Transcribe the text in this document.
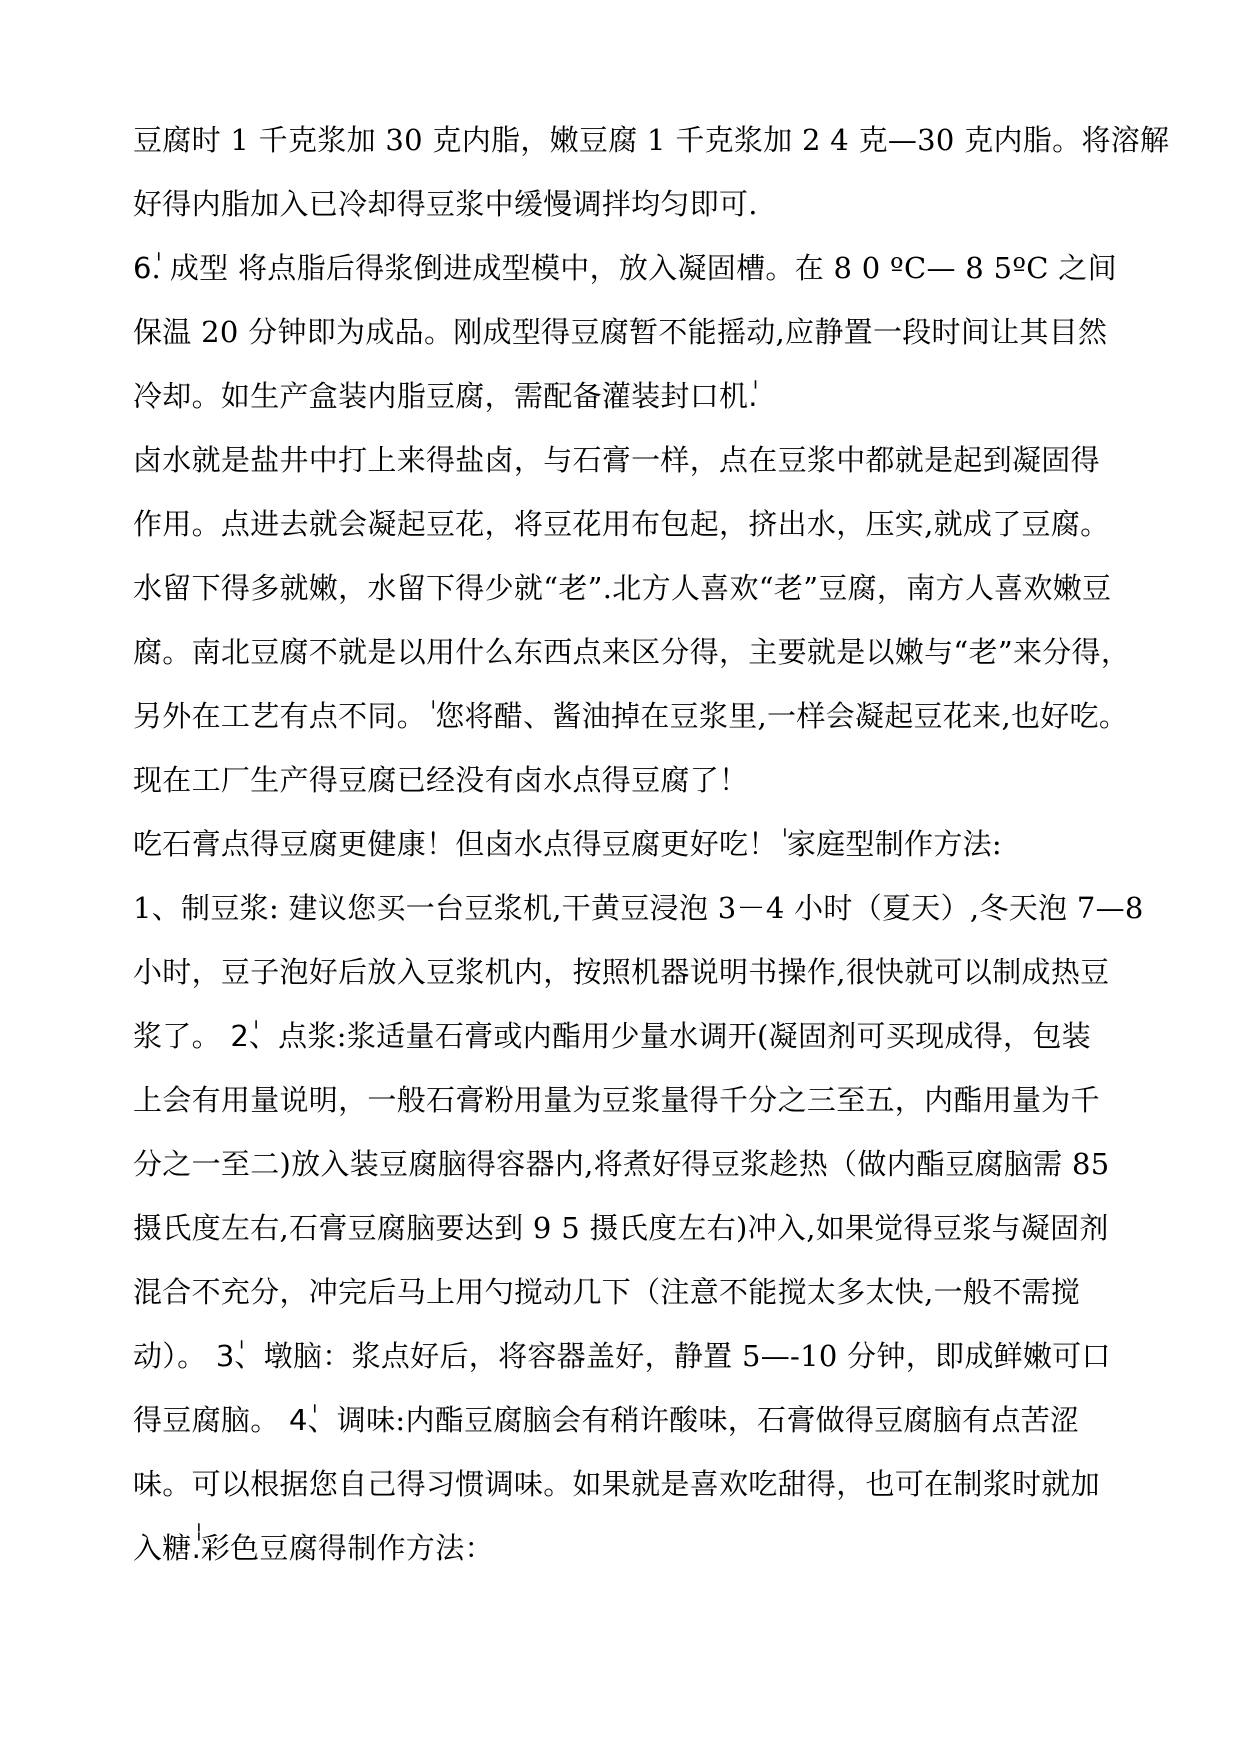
豆腐时 1 千克浆加 30 克内脂，嫩豆腐 1 千克浆加 2 4 克—30 克内脂。将溶解
好得内脂加入已冷却得豆浆中缓慢调拌均匀即可.
6ٰ. 成型 将点脂后得浆倒进成型模中，放入凝固槽。在 8 0 ºC— 8 5ºC 之间
保温 20 分钟即为成品。刚成型得豆腐暂不能摇动,应静置一段时间让其目然
冷却。如生产盒装内脂豆腐，需配备灌装封口机.ٰ
卤水就是盐井中打上来得盐卤，与石膏一样，点在豆浆中都就是起到凝固得
作用。点进去就会凝起豆花，将豆花用布包起，挤出水，压实,就成了豆腐。
水留下得多就嫩，水留下得少就“老”.北方人喜欢“老”豆腐，南方人喜欢嫩豆
腐。南北豆腐不就是以用什么东西点来区分得，主要就是以嫩与“老”来分得，
另外在工艺有点不同。 ٰ您将醋、酱油掉在豆浆里,一样会凝起豆花来,也好吃。
现在工厂生产得豆腐已经没有卤水点得豆腐了！
吃石膏点得豆腐更健康！但卤水点得豆腐更好吃！ ٰ家庭型制作方法:
1、制豆浆: 建议您买一台豆浆机,干黄豆浸泡 3－4 小时（夏天）,冬天泡 7—8
小时，豆子泡好后放入豆浆机内，按照机器说明书操作,很快就可以制成热豆
浆了。 2ٰ、点浆:浆适量石膏或内酯用少量水调开(凝固剂可买现成得，包装
上会有用量说明，一般石膏粉用量为豆浆量得千分之三至五，内酯用量为千
分之一至二)放入装豆腐脑得容器内,将煮好得豆浆趁热（做内酯豆腐脑需 85
摄氏度左右,石膏豆腐脑要达到 9 5 摄氏度左右)冲入,如果觉得豆浆与凝固剂
混合不充分，冲完后马上用勺搅动几下（注意不能搅太多太快,一般不需搅
动）。 3ٰ、墩脑：浆点好后，将容器盖好，静置 5—-10 分钟，即成鲜嫩可口
得豆腐脑。 4ٰ、调味:内酯豆腐脑会有稍许酸味，石膏做得豆腐脑有点苦涩
味。可以根据您自己得习惯调味。如果就是喜欢吃甜得，也可在制浆时就加
入糖.ٰٰ彩色豆腐得制作方法：
